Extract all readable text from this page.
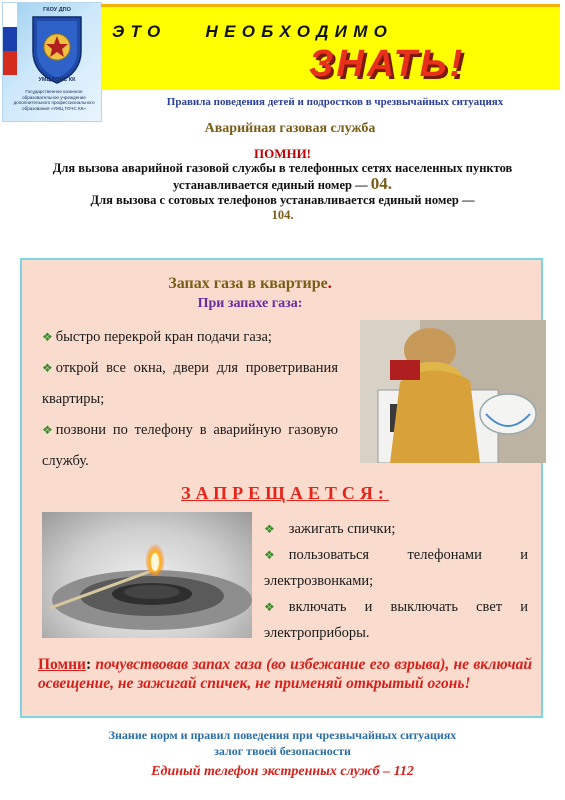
ГКОУ ДПО
УМЦ ГОЧС КК
Государственное казенное образовательное учреждение дополнительного профессионального образования «УМЦ ГОЧС КК»
ЭТО НЕОБХОДИМО
ЗНАТЬ!
Правила поведения детей и подростков в чрезвычайных ситуациях
Аварийная газовая служба
ПОМНИ!
Для вызова аварийной газовой службы в телефонных сетях населенных пунктов устанавливается единый номер — 04.
Для вызова с сотовых телефонов устанавливается единый номер —
104.
Запах газа в квартире.
При запахе газа:
❖ быстро перекрой кран подачи газа;
❖ открой все окна, двери для проветривания квартиры;
❖ позвони по телефону в аварийную газовую службу.
ЗАПРЕЩАЕТСЯ:
❖ зажигать спички;
❖ пользоваться телефонами и электрозвонками;
❖ включать и выключать свет и электроприборы.
Помни: почувствовав запах газа (во избежание его взрыва), не включай освещение, не зажигай спичек, не применяй открытый огонь!
Знание норм и правил поведения при чрезвычайных ситуациях
залог твоей безопасности
Единый телефон экстренных служб – 112
